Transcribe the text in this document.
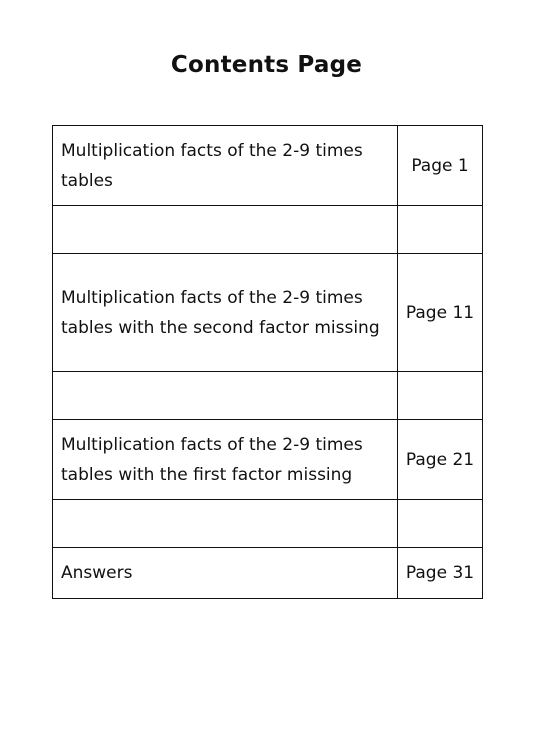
Contents Page
Multiplication facts of the 2-9 times tables	Page 1

Multiplication facts of the 2-9 times tables with the second factor missing	Page 11

Multiplication facts of the 2-9 times tables with the first factor missing	Page 21

Answers	Page 31
